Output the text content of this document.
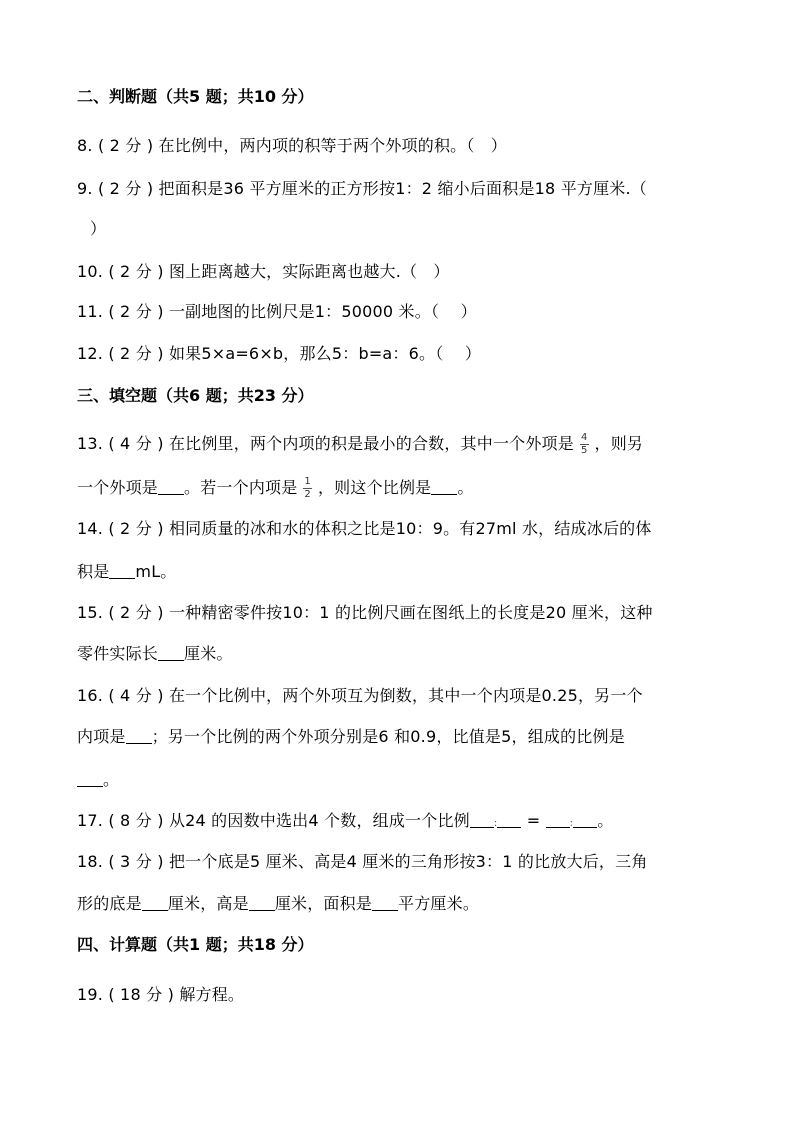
二、判断题（共5 题；共10 分）
8. ( 2 分 ) 在比例中，两内项的积等于两个外项的积。（　）
9. ( 2 分 ) 把面积是36 平方厘米的正方形按1：2 缩小后面积是18 平方厘米.（
）
10. ( 2 分 ) 图上距离越大，实际距离也越大.（　）
11. ( 2 分 ) 一副地图的比例尺是1：50000 米。（　 ）
12. ( 2 分 ) 如果5×a=6×b，那么5：b=a：6。（　 ）
三、填空题（共6 题；共23 分）
13. ( 4 分 ) 在比例里，两个内项的积是最小的合数，其中一个外项是 $\frac{4}{5}$ ，则另
一个外项是 。若一个内项是 $\frac{1}{2}$ ，则这个比例是 。
14. ( 2 分 ) 相同质量的冰和水的体积之比是10：9。有27ml 水，结成冰后的体
积是 mL。
15. ( 2 分 ) 一种精密零件按10：1 的比例尺画在图纸上的长度是20 厘米，这种
零件实际长 厘米。
16. ( 4 分 ) 在一个比例中，两个外项互为倒数，其中一个内项是0.25，另一个
内项是 ；另一个比例的两个外项分别是6 和0.9，比值是5，组成的比例是
。
17. ( 8 分 ) 从24 的因数中选出4 个数，组成一个比例 : = : 。
18. ( 3 分 ) 把一个底是5 厘米、高是4 厘米的三角形按3：1 的比放大后，三角
形的底是 厘米，高是 厘米，面积是 平方厘米。
四、计算题（共1 题；共18 分）
19. ( 18 分 ) 解方程。
